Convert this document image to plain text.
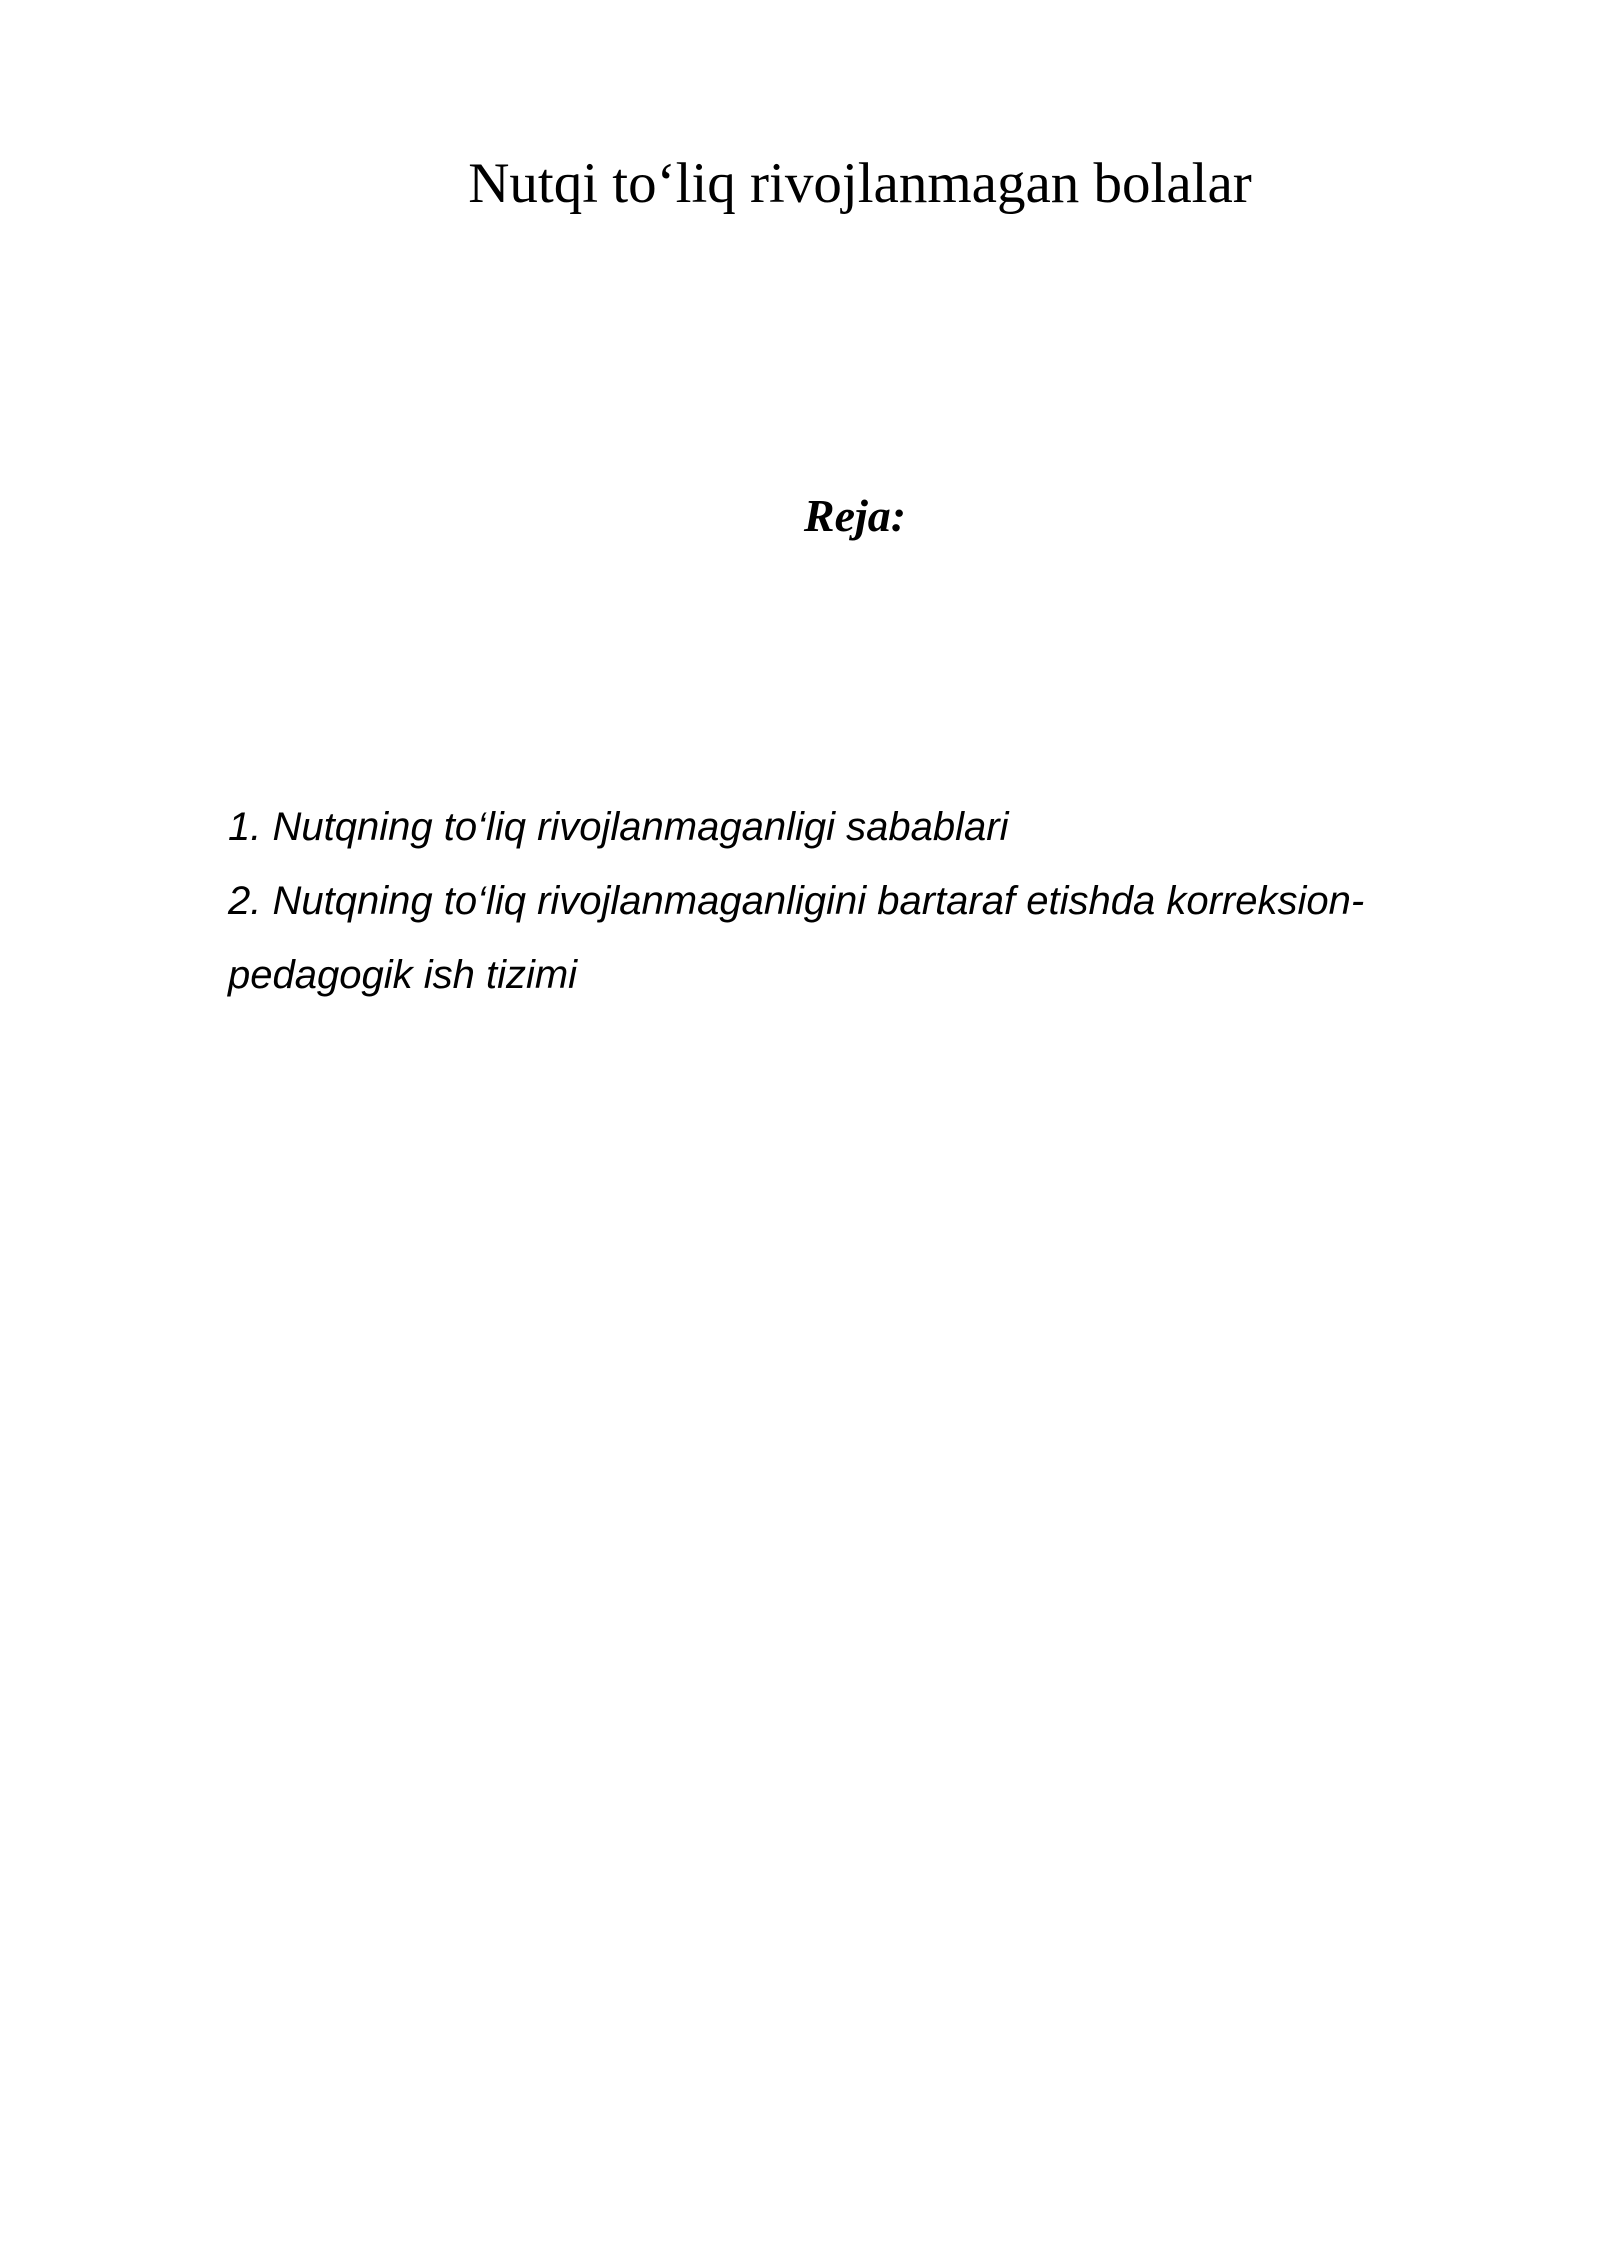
Nutqi to‘liq rivojlanmagan bolalar
Reja:
1. Nutqning to‘liq rivojlanmaganligi sabablari
2. Nutqning to‘liq rivojlanmaganligini bartaraf etishda korreksion-pedagogik ish tizimi
